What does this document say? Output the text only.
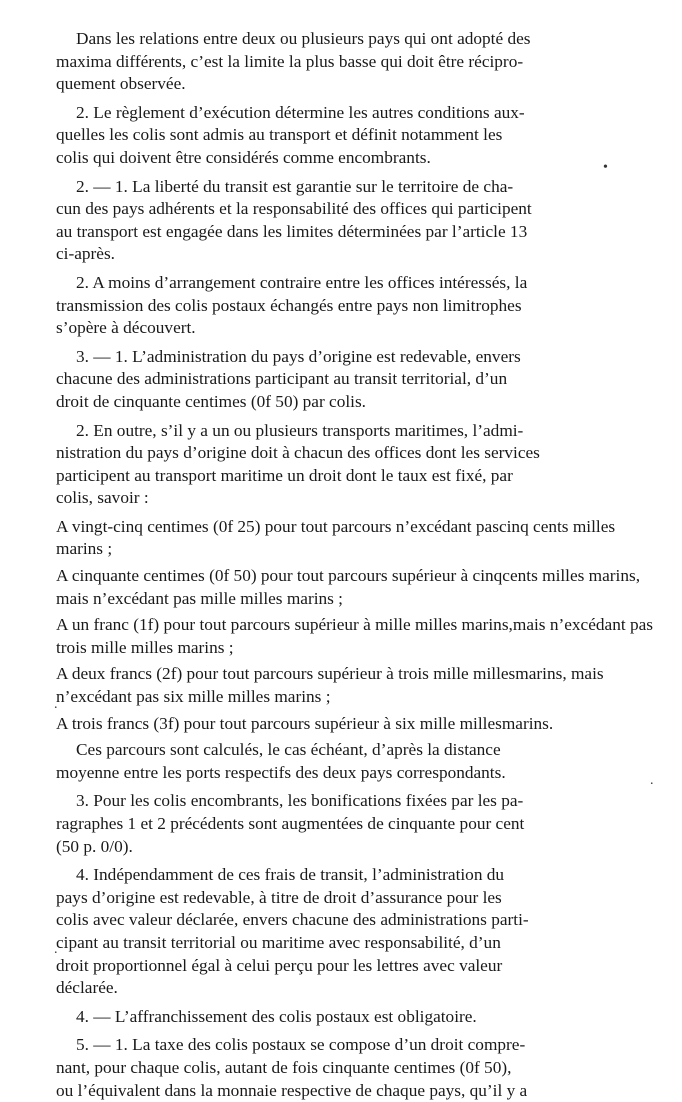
Dans les relations entre deux ou plusieurs pays qui ont adopté des
maxima différents, c’est la limite la plus basse qui doit être récipro-
quement observée.
2. Le règlement d’exécution détermine les autres conditions aux-
quelles les colis sont admis au transport et définit notamment les
colis qui doivent être considérés comme encombrants.
2. — 1. La liberté du transit est garantie sur le territoire de cha-
cun des pays adhérents et la responsabilité des offices qui participent
au transport est engagée dans les limites déterminées par l’article 13
ci-après.
2. A moins d’arrangement contraire entre les offices intéressés, la
transmission des colis postaux échangés entre pays non limitrophes
s’opère à découvert.
3. — 1. L’administration du pays d’origine est redevable, envers
chacune des administrations participant au transit territorial, d’un
droit de cinquante centimes (0f 50) par colis.
2. En outre, s’il y a un ou plusieurs transports maritimes, l’admi-
nistration du pays d’origine doit à chacun des offices dont les services
participent au transport maritime un droit dont le taux est fixé, par
colis, savoir :
A vingt-cinq centimes (0f 25) pour tout parcours n’excédant pascinq cents milles marins ;
A cinquante centimes (0f 50) pour tout parcours supérieur à cinqcents milles marins, mais n’excédant pas mille milles marins ;
A un franc (1f) pour tout parcours supérieur à mille milles marins,mais n’excédant pas trois mille milles marins ;
A deux francs (2f) pour tout parcours supérieur à trois mille millesmarins, mais n’excédant pas six mille milles marins ;
A trois francs (3f) pour tout parcours supérieur à six mille millesmarins.
Ces parcours sont calculés, le cas échéant, d’après la distance
moyenne entre les ports respectifs des deux pays correspondants.
3. Pour les colis encombrants, les bonifications fixées par les pa-
ragraphes 1 et 2 précédents sont augmentées de cinquante pour cent
(50 p. 0/0).
4. Indépendamment de ces frais de transit, l’administration du
pays d’origine est redevable, à titre de droit d’assurance pour les
colis avec valeur déclarée, envers chacune des administrations parti-
cipant au transit territorial ou maritime avec responsabilité, d’un
droit proportionnel égal à celui perçu pour les lettres avec valeur
déclarée.
4. — L’affranchissement des colis postaux est obligatoire.
5. — 1. La taxe des colis postaux se compose d’un droit compre-
nant, pour chaque colis, autant de fois cinquante centimes (0f 50),
ou l’équivalent dans la monnaie respective de chaque pays, qu’il y a
•
.
.
.
